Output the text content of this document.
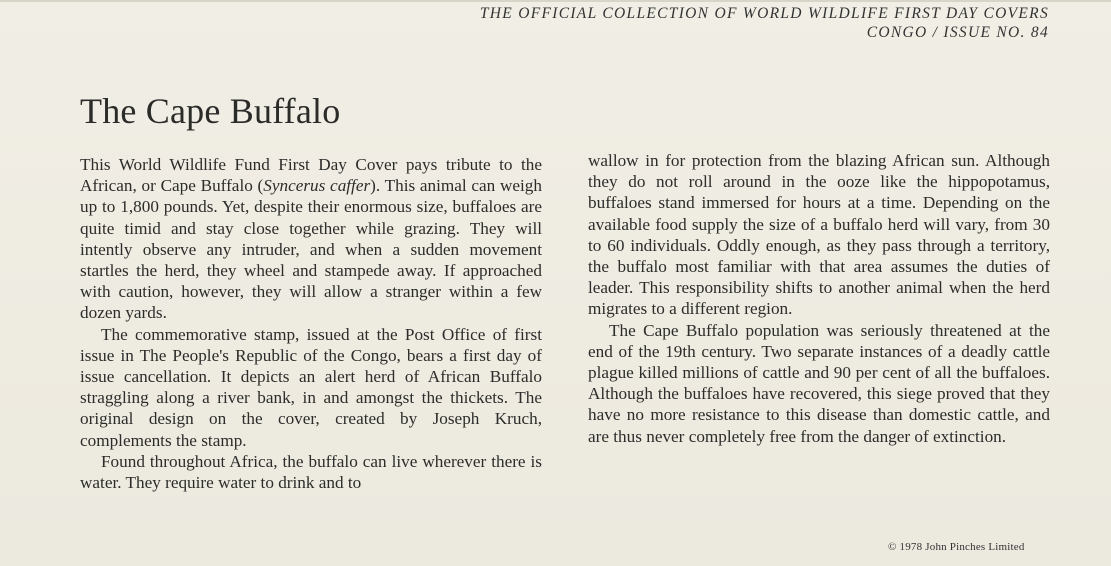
THE OFFICIAL COLLECTION OF WORLD WILDLIFE FIRST DAY COVERS
CONGO / ISSUE NO. 84
The Cape Buffalo

This World Wildlife Fund First Day Cover pays tribute to the African, or Cape Buffalo (Syncerus caffer). This animal can weigh up to 1,800 pounds. Yet, despite their enormous size, buffaloes are quite timid and stay close together while grazing. They will intently observe any intruder, and when a sudden movement startles the herd, they wheel and stampede away. If approached with caution, however, they will allow a stranger within a few dozen yards.

The commemorative stamp, issued at the Post Office of first issue in The People's Republic of the Congo, bears a first day of issue cancellation. It depicts an alert herd of African Buffalo straggling along a river bank, in and amongst the thickets. The original design on the cover, created by Joseph Kruch, complements the stamp.

Found throughout Africa, the buffalo can live wherever there is water. They require water to drink and to

wallow in for protection from the blazing African sun. Although they do not roll around in the ooze like the hippopotamus, buffaloes stand immersed for hours at a time. Depending on the available food supply the size of a buffalo herd will vary, from 30 to 60 individuals. Oddly enough, as they pass through a territory, the buffalo most familiar with that area assumes the duties of leader. This responsibility shifts to another animal when the herd migrates to a different region.

The Cape Buffalo population was seriously threatened at the end of the 19th century. Two separate instances of a deadly cattle plague killed millions of cattle and 90 per cent of all the buffaloes. Although the buffaloes have recovered, this siege proved that they have no more resistance to this disease than domestic cattle, and are thus never completely free from the danger of extinction.

© 1978 John Pinches Limited
